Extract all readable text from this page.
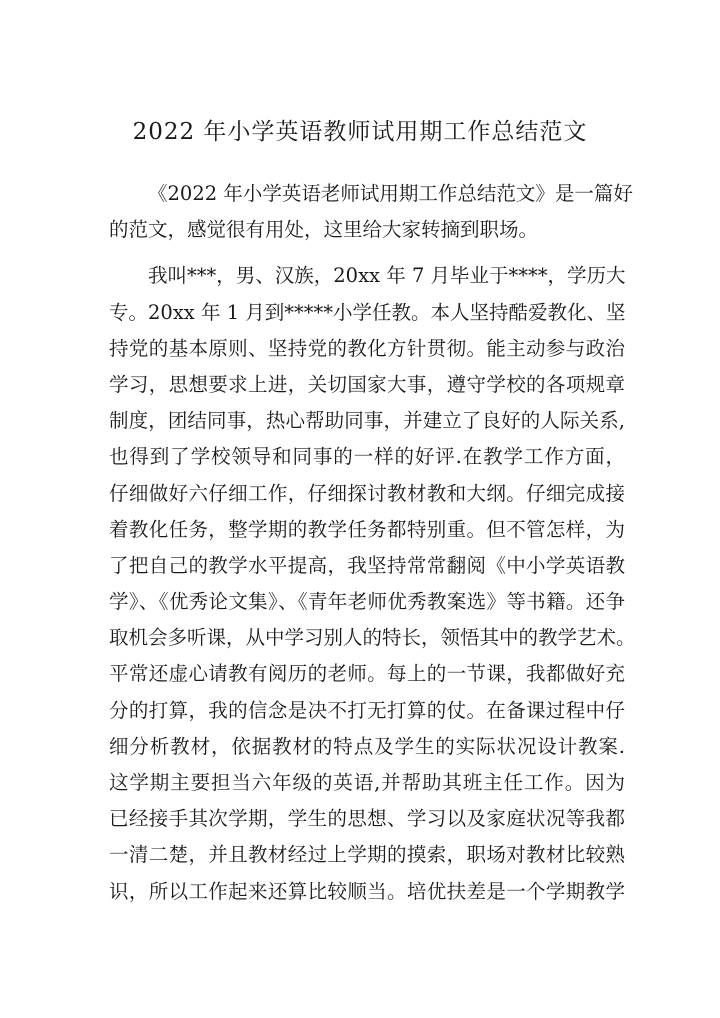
2022 年小学英语教师试用期工作总结范文
《2022 年小学英语老师试用期工作总结范文》是一篇好
的范文，感觉很有用处，这里给大家转摘到职场。
我叫***，男、汉族，20xx 年 7 月毕业于****，学历大
专。20xx 年 1 月到*****小学任教。本人坚持酷爱教化、坚
持党的基本原则、坚持党的教化方针贯彻。能主动参与政治
学习，思想要求上进，关切国家大事，遵守学校的各项规章
制度，团结同事，热心帮助同事，并建立了良好的人际关系,
也得到了学校领导和同事的一样的好评.在教学工作方面，
仔细做好六仔细工作，仔细探讨教材教和大纲。仔细完成接
着教化任务，整学期的教学任务都特别重。但不管怎样，为
了把自己的教学水平提高，我坚持常常翻阅《中小学英语教
学》、《优秀论文集》、《青年老师优秀教案选》等书籍。还争
取机会多听课，从中学习别人的特长，领悟其中的教学艺术。
平常还虚心请教有阅历的老师。每上的一节课，我都做好充
分的打算，我的信念是决不打无打算的仗。在备课过程中仔
细分析教材，依据教材的特点及学生的实际状况设计教案.
这学期主要担当六年级的英语,并帮助其班主任工作。因为
已经接手其次学期，学生的思想、学习以及家庭状况等我都
一清二楚，并且教材经过上学期的摸索，职场对教材比较熟
识，所以工作起来还算比较顺当。培优扶差是一个学期教学
